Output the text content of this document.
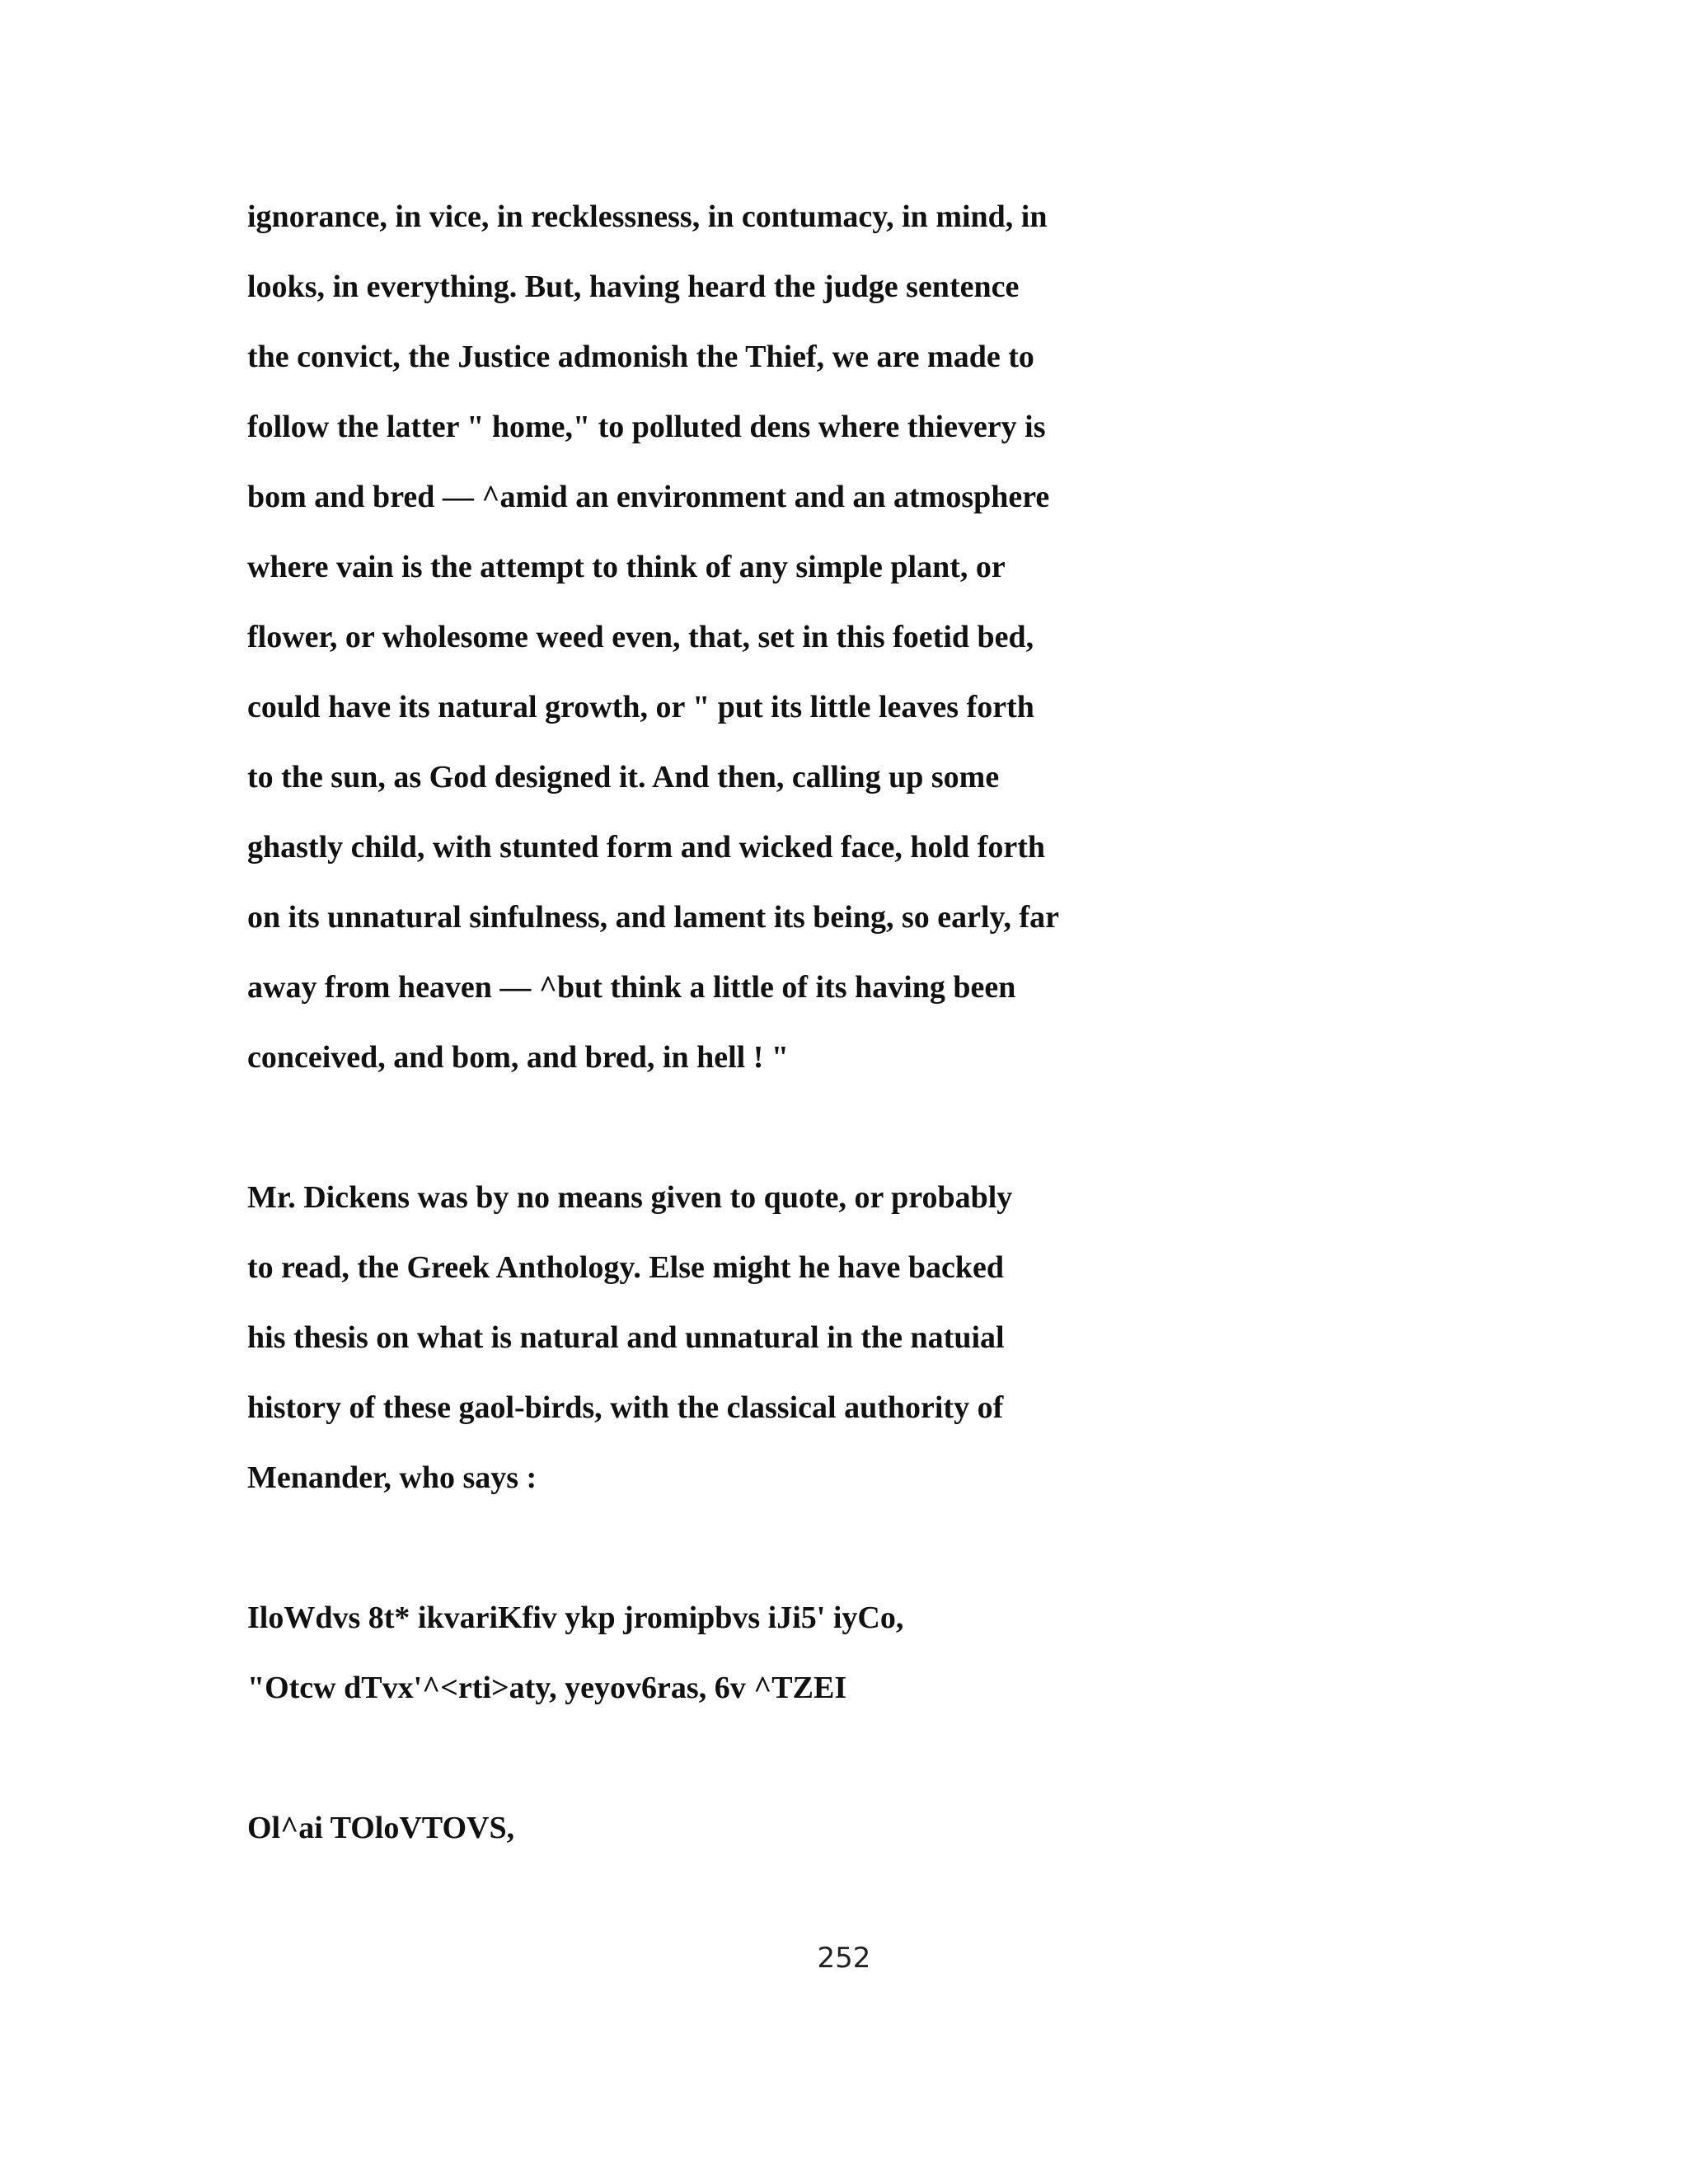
ignorance, in vice, in recklessness, in contumacy, in mind, in

looks, in everything. But, having heard the judge sentence

the convict, the Justice admonish the Thief, we are made to

follow the latter " home," to polluted dens where thievery is

bom and bred — ^amid an environment and an atmosphere

where vain is the attempt to think of any simple plant, or

flower, or wholesome weed even, that, set in this foetid bed,

could have its natural growth, or " put its little leaves forth

to the sun, as God designed it. And then, calling up some

ghastly child, with stunted form and wicked face, hold forth

on its unnatural sinfulness, and lament its being, so early, far

away from heaven — ^but think a little of its having been

conceived, and bom, and bred, in hell ! "

Mr. Dickens was by no means given to quote, or probably

to read, the Greek Anthology. Else might he have backed

his thesis on what is natural and unnatural in the natuial

history of these gaol-birds, with the classical authority of

Menander, who says :

IloWdvs 8t* ikvariKfiv ykp jromipbvs iJi5' iyCo,

"Otcw dTvx'^<rti>aty, yeyov6ras, 6v ^TZEI

Ol^ai TOloVTOVS,

252
